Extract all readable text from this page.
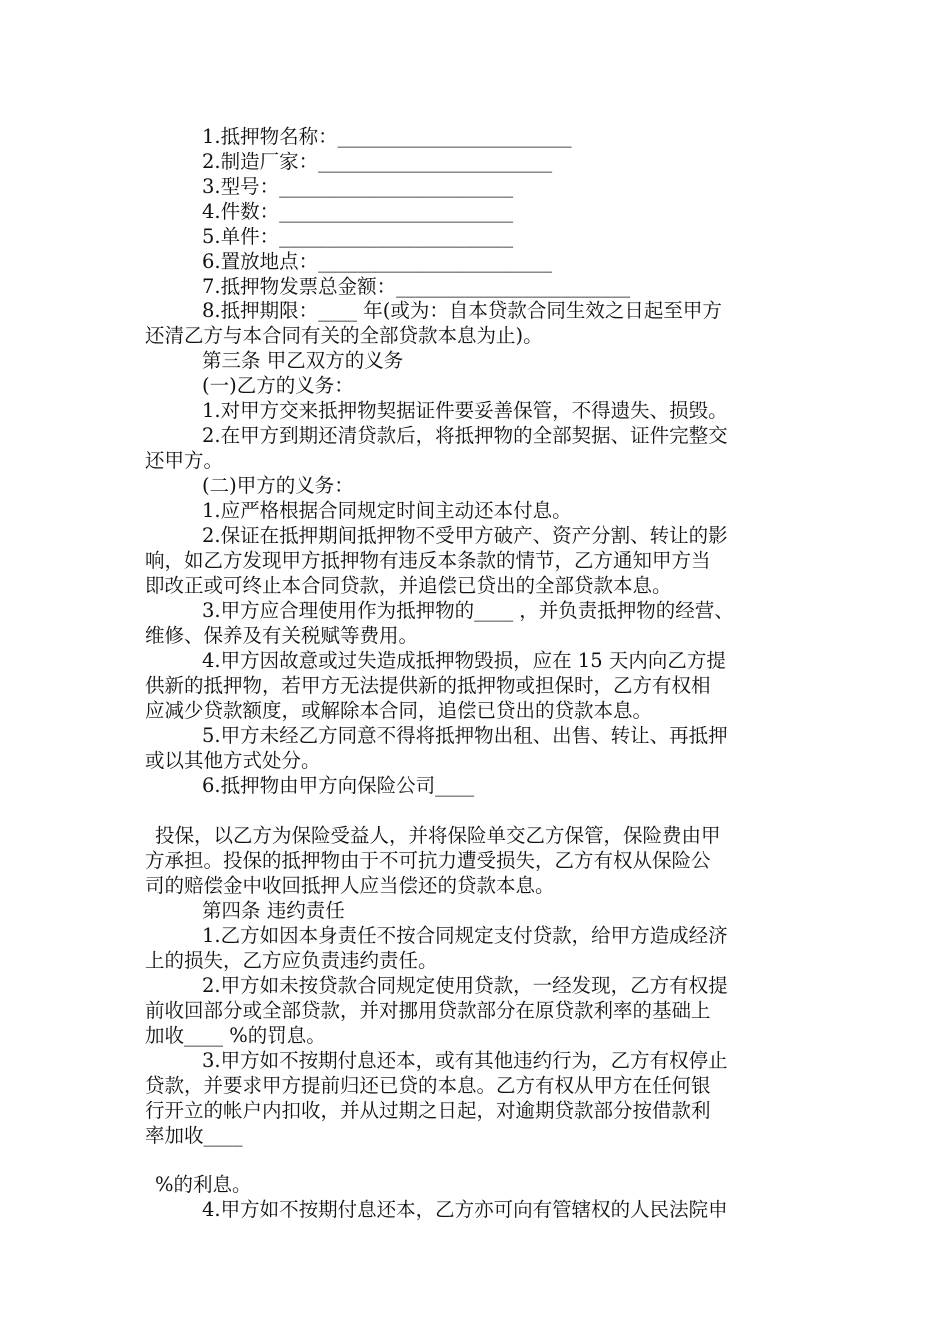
1.抵押物名称：________________________
2.制造厂家：________________________
3.型号：________________________
4.件数：________________________
5.单件：________________________
6.置放地点：________________________
7.抵押物发票总金额：________________________
8.抵押期限：____ 年(或为：自本贷款合同生效之日起至甲方
还清乙方与本合同有关的全部贷款本息为止)。
第三条 甲乙双方的义务
(一)乙方的义务：
1.对甲方交来抵押物契据证件要妥善保管，不得遗失、损毁。
2.在甲方到期还清贷款后，将抵押物的全部契据、证件完整交
还甲方。
(二)甲方的义务：
1.应严格根据合同规定时间主动还本付息。
2.保证在抵押期间抵押物不受甲方破产、资产分割、转让的影
响，如乙方发现甲方抵押物有违反本条款的情节，乙方通知甲方当
即改正或可终止本合同贷款，并追偿已贷出的全部贷款本息。
3.甲方应合理使用作为抵押物的____ ，并负责抵押物的经营、
维修、保养及有关税赋等费用。
4.甲方因故意或过失造成抵押物毁损，应在 15 天内向乙方提
供新的抵押物，若甲方无法提供新的抵押物或担保时，乙方有权相
应减少贷款额度，或解除本合同，追偿已贷出的贷款本息。
5.甲方未经乙方同意不得将抵押物出租、出售、转让、再抵押
或以其他方式处分。
6.抵押物由甲方向保险公司____
投保，以乙方为保险受益人，并将保险单交乙方保管，保险费由甲
方承担。投保的抵押物由于不可抗力遭受损失，乙方有权从保险公
司的赔偿金中收回抵押人应当偿还的贷款本息。
第四条 违约责任
1.乙方如因本身责任不按合同规定支付贷款，给甲方造成经济
上的损失，乙方应负责违约责任。
2.甲方如未按贷款合同规定使用贷款，一经发现，乙方有权提
前收回部分或全部贷款，并对挪用贷款部分在原贷款利率的基础上
加收____ %的罚息。
3.甲方如不按期付息还本，或有其他违约行为，乙方有权停止
贷款，并要求甲方提前归还已贷的本息。乙方有权从甲方在任何银
行开立的帐户内扣收，并从过期之日起，对逾期贷款部分按借款利
率加收____
%的利息。
4.甲方如不按期付息还本，乙方亦可向有管辖权的人民法院申
